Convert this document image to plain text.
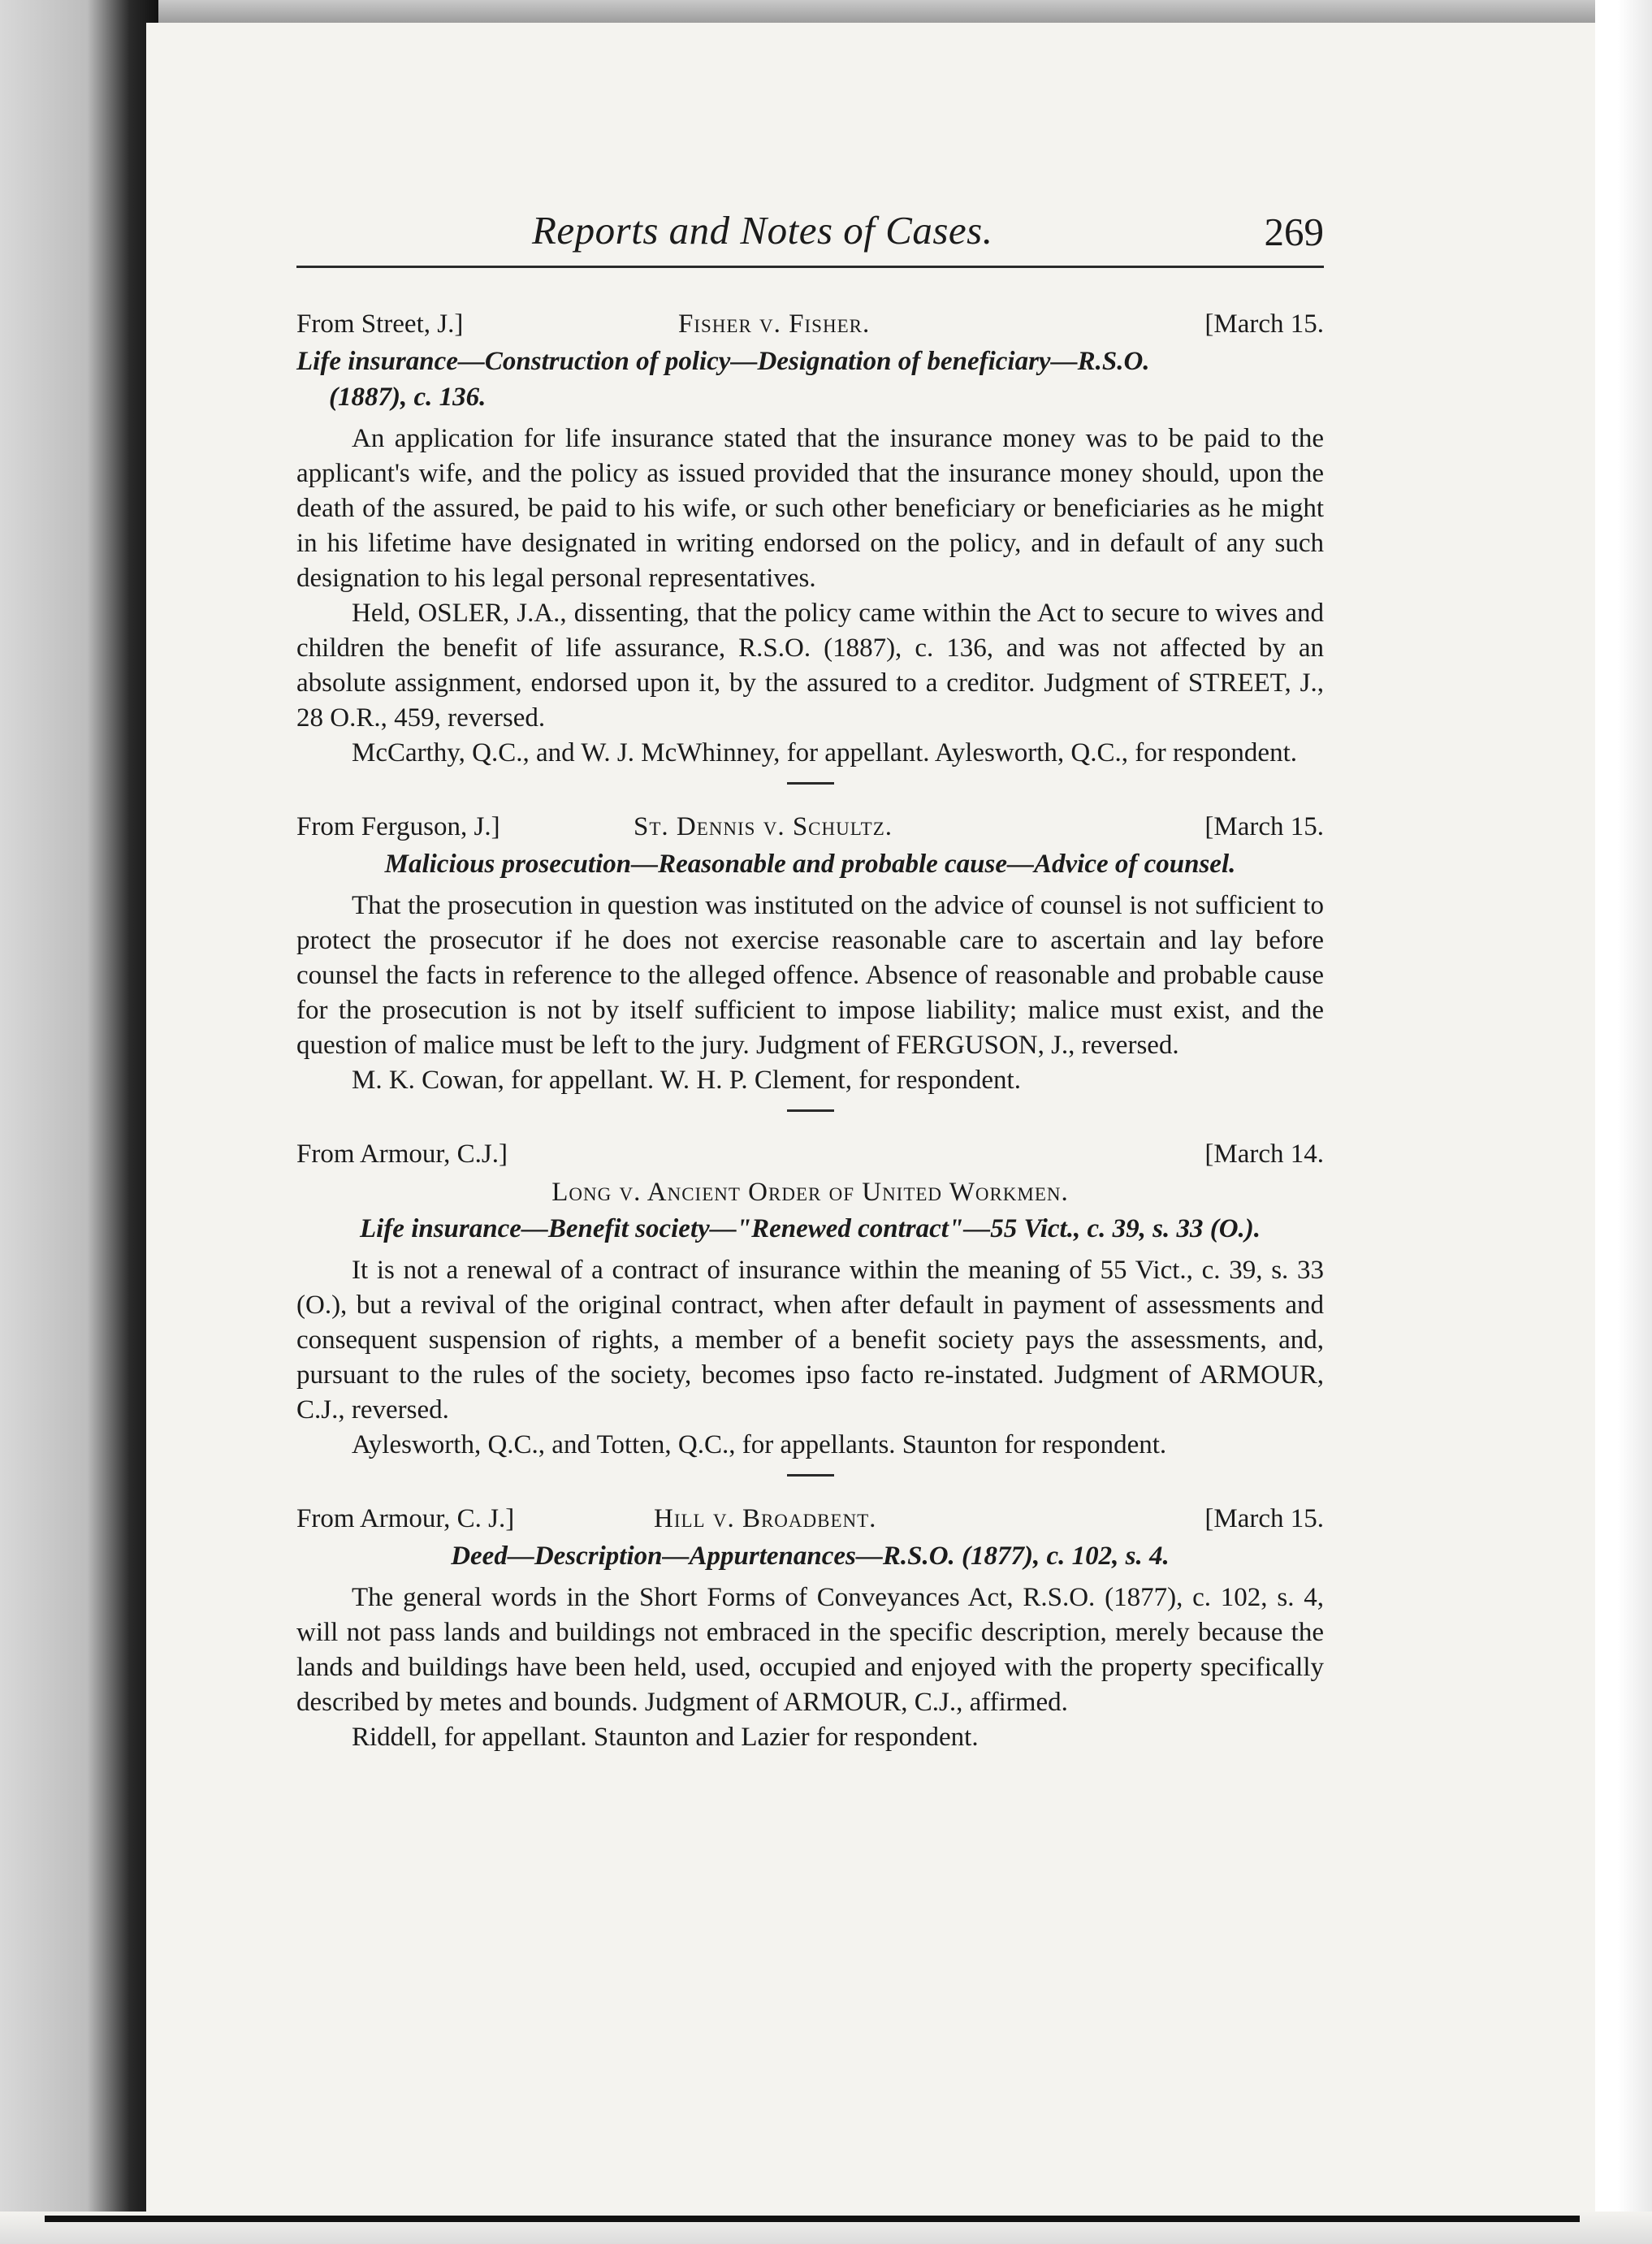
Reports and Notes of Cases.	269
From Street, J.]	Fisher v. Fisher.	[March 15.
Life insurance—Construction of policy—Designation of beneficiary—R.S.O.
(1887), c. 136.

An application for life insurance stated that the insurance money was to be paid to the applicant's wife, and the policy as issued provided that the insurance money should, upon the death of the assured, be paid to his wife, or such other beneficiary or beneficiaries as he might in his lifetime have designated in writing endorsed on the policy, and in default of any such designation to his legal personal representatives.

Held, OSLER, J.A., dissenting, that the policy came within the Act to secure to wives and children the benefit of life assurance, R.S.O. (1887), c. 136, and was not affected by an absolute assignment, endorsed upon it, by the assured to a creditor. Judgment of STREET, J., 28 O.R., 459, reversed.

McCarthy, Q.C., and W. J. McWhinney, for appellant. Aylesworth, Q.C., for respondent.

From Ferguson, J.]	St. Dennis v. Schultz.	[March 15.
Malicious prosecution—Reasonable and probable cause—Advice of counsel.

That the prosecution in question was instituted on the advice of counsel is not sufficient to protect the prosecutor if he does not exercise reasonable care to ascertain and lay before counsel the facts in reference to the alleged offence. Absence of reasonable and probable cause for the prosecution is not by itself sufficient to impose liability; malice must exist, and the question of malice must be left to the jury. Judgment of FERGUSON, J., reversed.

M. K. Cowan, for appellant. W. H. P. Clement, for respondent.

From Armour, C.J.]	[March 14.
Long v. Ancient Order of United Workmen.
Life insurance—Benefit society—"Renewed contract"—55 Vict., c. 39, s. 33 (O.).

It is not a renewal of a contract of insurance within the meaning of 55 Vict., c. 39, s. 33 (O.), but a revival of the original contract, when after default in payment of assessments and consequent suspension of rights, a member of a benefit society pays the assessments, and, pursuant to the rules of the society, becomes ipso facto re-instated. Judgment of ARMOUR, C.J., reversed.

Aylesworth, Q.C., and Totten, Q.C., for appellants. Staunton for respondent.

From Armour, C. J.]	Hill v. Broadbent.	[March 15.
Deed—Description—Appurtenances—R.S.O. (1877), c. 102, s. 4.

The general words in the Short Forms of Conveyances Act, R.S.O. (1877), c. 102, s. 4, will not pass lands and buildings not embraced in the specific description, merely because the lands and buildings have been held, used, occupied and enjoyed with the property specifically described by metes and bounds. Judgment of ARMOUR, C.J., affirmed.

Riddell, for appellant. Staunton and Lazier for respondent.
